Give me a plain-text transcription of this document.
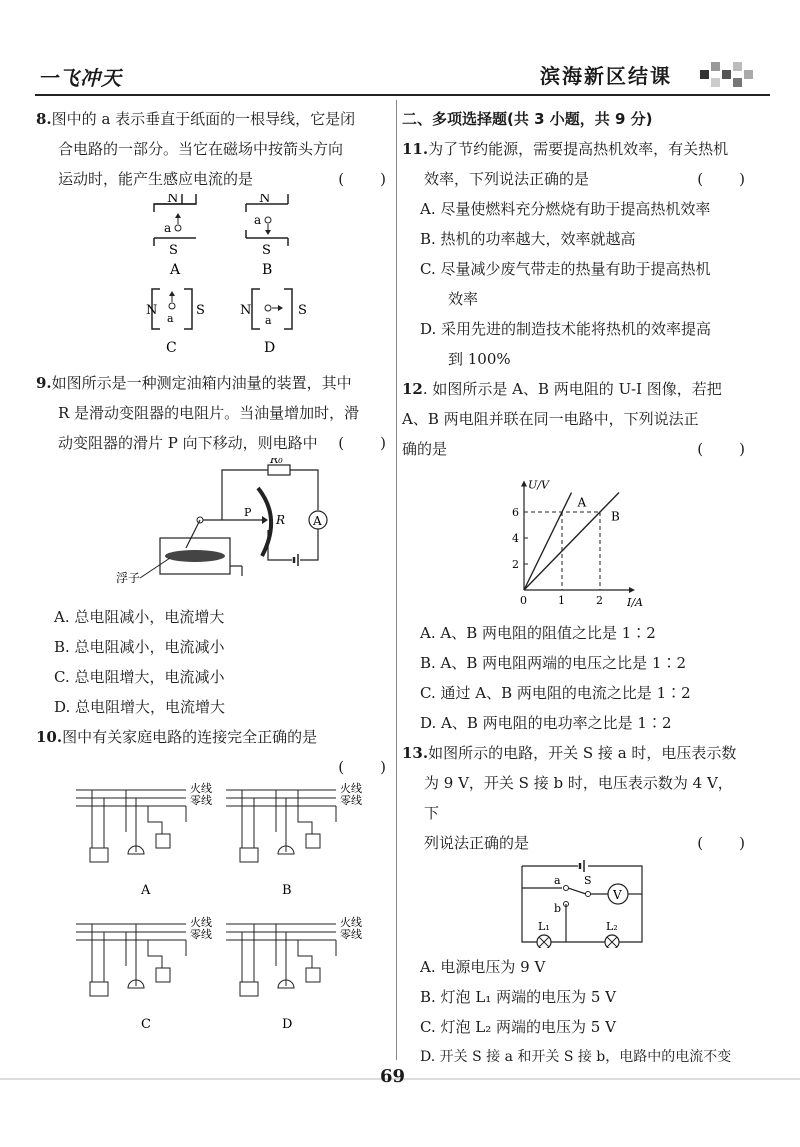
一飞冲天	滨海新区结课

8.图中的 a 表示垂直于纸面的一根导线，它是闭

合电路的一部分。当它在磁场中按箭头方向

运动时，能产生感应电流的是	(　　)

N
a
S
A
N
a
S
B
N	S
a
C
N	S
a
D

9.如图所示是一种测定油箱内油量的装置，其中

R 是滑动变阻器的电阻片。当油量增加时，滑

动变阻器的滑片 P 向下移动，则电路中 (　　)

R₀
A
R
P
浮子

A. 总电阻减小，电流增大

B. 总电阻减小，电流减小

C. 总电阻增大，电流减小

D. 总电阻增大，电流增大

10.图中有关家庭电路的连接完全正确的是

(　　)

火线
零线
A
火线
零线
B
火线
零线
C
火线
零线
D

二、多项选择题(共 3 小题，共 9 分)

11.为了节约能源，需要提高热机效率，有关热机

效率，下列说法正确的是	(　　)

A. 尽量使燃料充分燃烧有助于提高热机效率

B. 热机的功率越大，效率就越高

C. 尽量减少废气带走的热量有助于提高热机

效率

D. 采用先进的制造技术能将热机的效率提高

到 100%

12. 如图所示是 A、B 两电阻的 U-I 图像，若把

A、B 两电阻并联在同一电路中，下列说法正

确的是	(　　)

U/V
I/A
0	1	2
2
4
6
A
B

A. A、B 两电阻的阻值之比是 1∶2

B. A、B 两电阻两端的电压之比是 1∶2

C. 通过 A、B 两电阻的电流之比是 1∶2

D. A、B 两电阻的电功率之比是 1∶2

13.如图所示的电路，开关 S 接 a 时，电压表示数

为 9 V，开关 S 接 b 时，电压表示数为 4 V，下

列说法正确的是	(　　)

a
b
S
V
L₁	L₂

A. 电源电压为 9 V

B. 灯泡 L₁ 两端的电压为 5 V

C. 灯泡 L₂ 两端的电压为 5 V

D. 开关 S 接 a 和开关 S 接 b，电路中的电流不变

69
